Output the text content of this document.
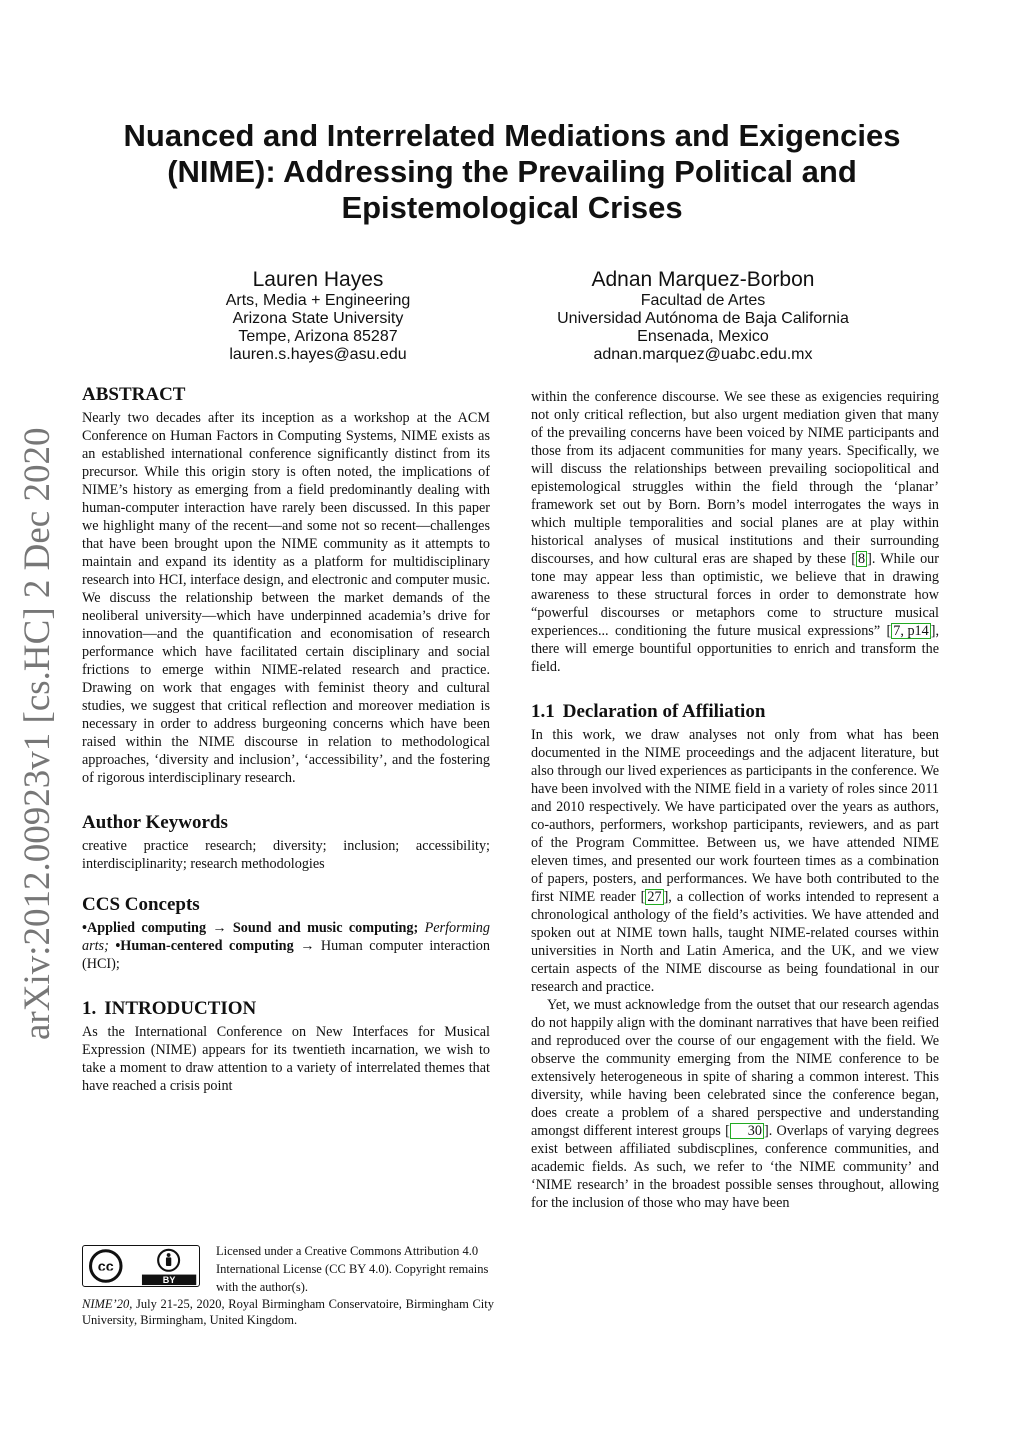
arXiv:2012.00923v1 [cs.HC] 2 Dec 2020
Nuanced and Interrelated Mediations and Exigencies (NIME): Addressing the Prevailing Political and Epistemological Crises
Lauren Hayes
Arts, Media + Engineering
Arizona State University
Tempe, Arizona 85287
lauren.s.hayes@asu.edu
Adnan Marquez-Borbon
Facultad de Artes
Universidad Autónoma de Baja California
Ensenada, Mexico
adnan.marquez@uabc.edu.mx
ABSTRACT

Nearly two decades after its inception as a workshop at the ACM Conference on Human Factors in Computing Systems, NIME exists as an established international conference significantly distinct from its precursor. While this origin story is often noted, the implications of NIME’s history as emerging from a field predominantly dealing with human-computer interaction have rarely been discussed. In this paper we highlight many of the recent—and some not so recent—challenges that have been brought upon the NIME community as it attempts to maintain and expand its identity as a platform for multidisciplinary research into HCI, interface design, and electronic and computer music. We discuss the relationship between the market demands of the neoliberal university—which have underpinned academia’s drive for innovation—and the quantification and economisation of research performance which have facilitated certain disciplinary and social frictions to emerge within NIME-related research and practice. Drawing on work that engages with feminist theory and cultural studies, we suggest that critical reflection and moreover mediation is necessary in order to address burgeoning concerns which have been raised within the NIME discourse in relation to methodological approaches, ‘diversity and inclusion’, ‘accessibility’, and the fostering of rigorous interdisciplinary research.

Author Keywords

creative practice research; diversity; inclusion; accessibility; interdisciplinarity; research methodologies

CCS Concepts

•Applied computing → Sound and music computing; Performing arts; •Human-centered computing → Human computer interaction (HCI);

1. INTRODUCTION

As the International Conference on New Interfaces for Musical Expression (NIME) appears for its twentieth incarnation, we wish to take a moment to draw attention to a variety of interrelated themes that have reached a crisis point

BY
cc
Licensed under a Creative Commons Attribution 4.0 International License (CC BY 4.0). Copyright remains with the author(s).
NIME’20, July 21-25, 2020, Royal Birmingham Conservatoire, Birmingham City University, Birmingham, United Kingdom.

within the conference discourse. We see these as exigencies requiring not only critical reflection, but also urgent mediation given that many of the prevailing concerns have been voiced by NIME participants and those from its adjacent communities for many years. Specifically, we will discuss the relationships between prevailing sociopolitical and epistemological struggles within the field through the ‘planar’ framework set out by Born. Born’s model interrogates the ways in which multiple temporalities and social planes are at play within historical analyses of musical institutions and their surrounding discourses, and how cultural eras are shaped by these [ 8 ]. While our tone may appear less than optimistic, we believe that in drawing awareness to these structural forces in order to demonstrate how “powerful discourses or metaphors come to structure musical experiences... conditioning the future musical expressions” [ 7, p14 ], there will emerge bountiful opportunities to enrich and transform the field.

1.1 Declaration of Affiliation

In this work, we draw analyses not only from what has been documented in the NIME proceedings and the adjacent literature, but also through our lived experiences as participants in the conference. We have been involved with the NIME field in a variety of roles since 2011 and 2010 respectively. We have participated over the years as authors, co-authors, performers, workshop participants, reviewers, and as part of the Program Committee. Between us, we have attended NIME eleven times, and presented our work fourteen times as a combination of papers, posters, and performances. We have both contributed to the first NIME reader [ 27 ], a collection of works intended to represent a chronological anthology of the field’s activities. We have attended and spoken out at NIME town halls, taught NIME-related courses within universities in North and Latin America, and the UK, and we view certain aspects of the NIME discourse as being foundational in our research and practice.

Yet, we must acknowledge from the outset that our research agendas do not happily align with the dominant narratives that have been reified and reproduced over the course of our engagement with the field. We observe the community emerging from the NIME conference to be extensively heterogeneous in spite of sharing a common interest. This diversity, while having been celebrated since the conference began, does create a problem of a shared perspective and understanding amongst different interest groups [ 30 ]. Overlaps of varying degrees exist between affiliated subdiscplines, conference communities, and academic fields. As such, we refer to ‘the NIME community’ and ‘NIME research’ in the broadest possible senses throughout, allowing for the inclusion of those who may have been
